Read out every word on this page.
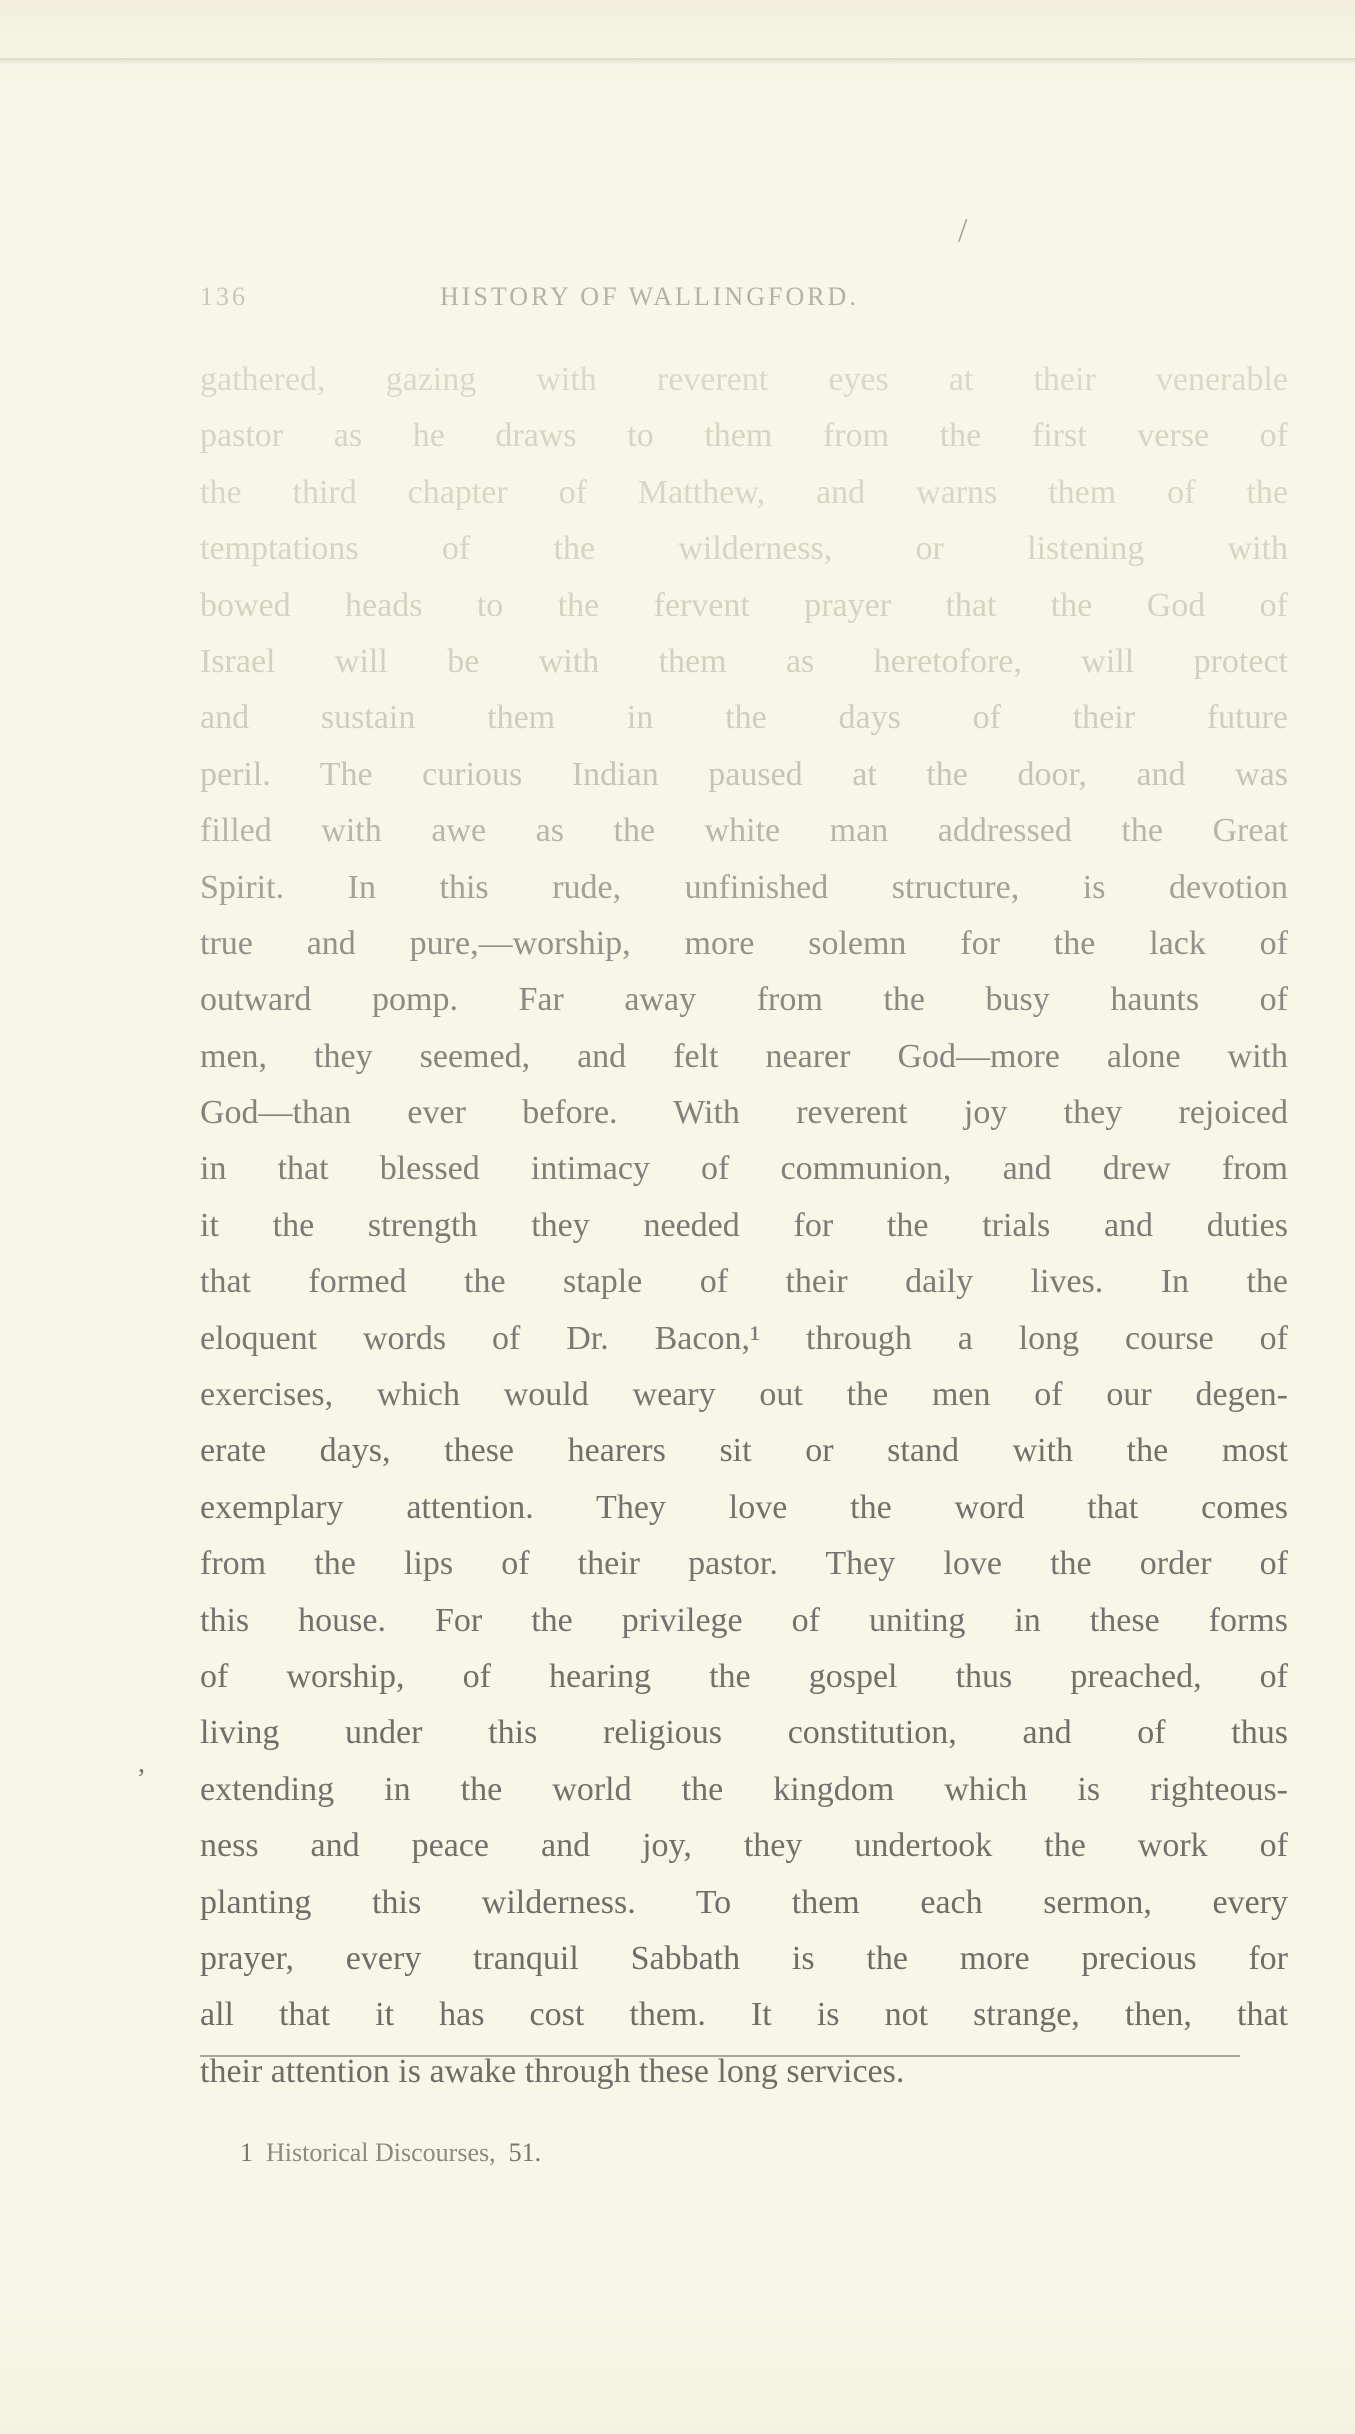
136	HISTORY OF WALLINGFORD.
gathered, gazing with reverent eyes at their venerable
pastor as he draws to them from the first verse of
the third chapter of Matthew, and warns them of the
temptations of the wilderness, or listening with
bowed heads to the fervent prayer that the God of
Israel will be with them as heretofore, will protect
and sustain them in the days of their future
peril. The curious Indian paused at the door, and was
filled with awe as the white man addressed the Great
Spirit. In this rude, unfinished structure, is devotion
true and pure,—worship, more solemn for the lack of
outward pomp. Far away from the busy haunts of
men, they seemed, and felt nearer God—more alone with
God—than ever before. With reverent joy they rejoiced
in that blessed intimacy of communion, and drew from
it the strength they needed for the trials and duties
that formed the staple of their daily lives. In the
eloquent words of Dr. Bacon,¹ through a long course of
exercises, which would weary out the men of our degen-
erate days, these hearers sit or stand with the most
exemplary attention. They love the word that comes
from the lips of their pastor. They love the order of
this house. For the privilege of uniting in these forms
of worship, of hearing the gospel thus preached, of
living under this religious constitution, and of thus
extending in the world the kingdom which is righteous-
ness and peace and joy, they undertook the work of
planting this wilderness. To them each sermon, every
prayer, every tranquil Sabbath is the more precious for
all that it has cost them. It is not strange, then, that
their attention is awake through these long services.
1 Historical Discourses, 51.
/
,
